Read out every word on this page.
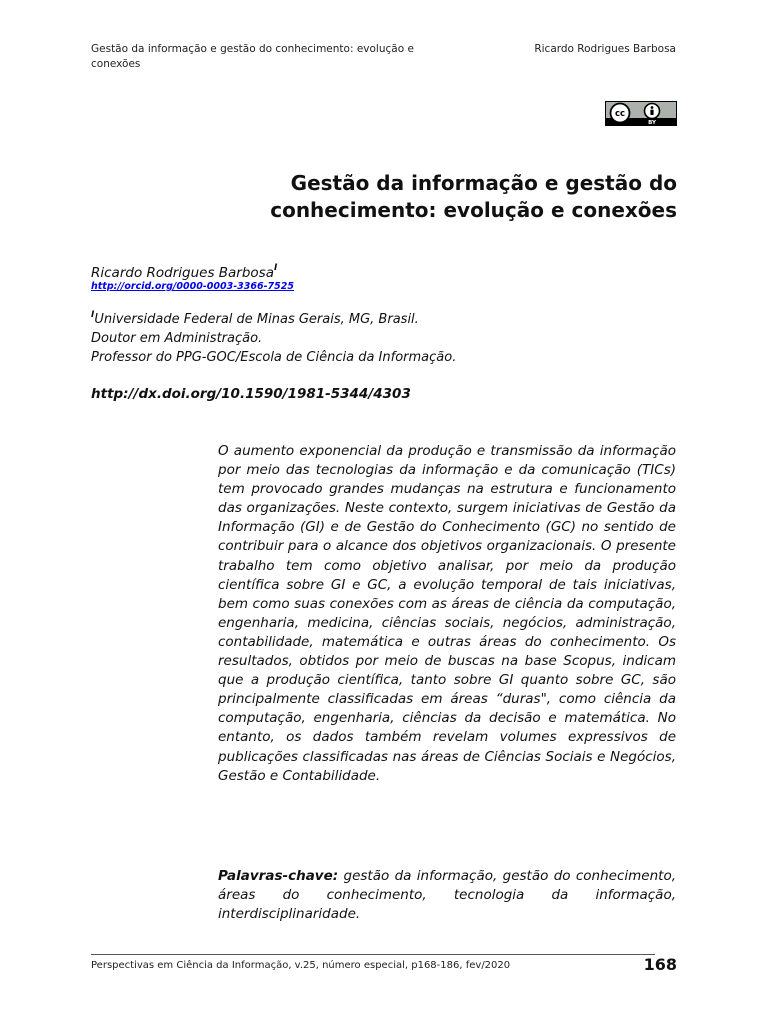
Gestão da informação e gestão do conhecimento: evolução e conexões
Ricardo Rodrigues Barbosa
cc
BY
Gestão da informação e gestão do
conhecimento: evolução e conexões
Ricardo Rodrigues Barbosa$^I$
http://orcid.org/0000-0003-3366-7525
$^I$Universidade Federal de Minas Gerais, MG, Brasil.
Doutor em Administração.
Professor do PPG-GOC/Escola de Ciência da Informação.
http://dx.doi.org/10.1590/1981-5344/4303

O aumento exponencial da produção e transmissão da informação por meio das tecnologias da informação e da comunicação (TICs) tem provocado grandes mudanças na estrutura e funcionamento das organizações. Neste contexto, surgem iniciativas de Gestão da Informação (GI) e de Gestão do Conhecimento (GC) no sentido de contribuir para o alcance dos objetivos organizacionais. O presente trabalho tem como objetivo analisar, por meio da produção científica sobre GI e GC, a evolução temporal de tais iniciativas, bem como suas conexões com as áreas de ciência da computação, engenharia, medicina, ciências sociais, negócios, administração, contabilidade, matemática e outras áreas do conhecimento. Os resultados, obtidos por meio de buscas na base Scopus, indicam que a produção científica, tanto sobre GI quanto sobre GC, são principalmente classificadas em áreas “duras", como ciência da computação, engenharia, ciências da decisão e matemática. No entanto, os dados também revelam volumes expressivos de publicações classificadas nas áreas de Ciências Sociais e Negócios, Gestão e Contabilidade.

Palavras-chave: gestão da informação, gestão do conhecimento, áreas do conhecimento, tecnologia da informação, interdisciplinaridade.

Perspectivas em Ciência da Informação, v.25, número especial, p168-186, fev/2020	168
